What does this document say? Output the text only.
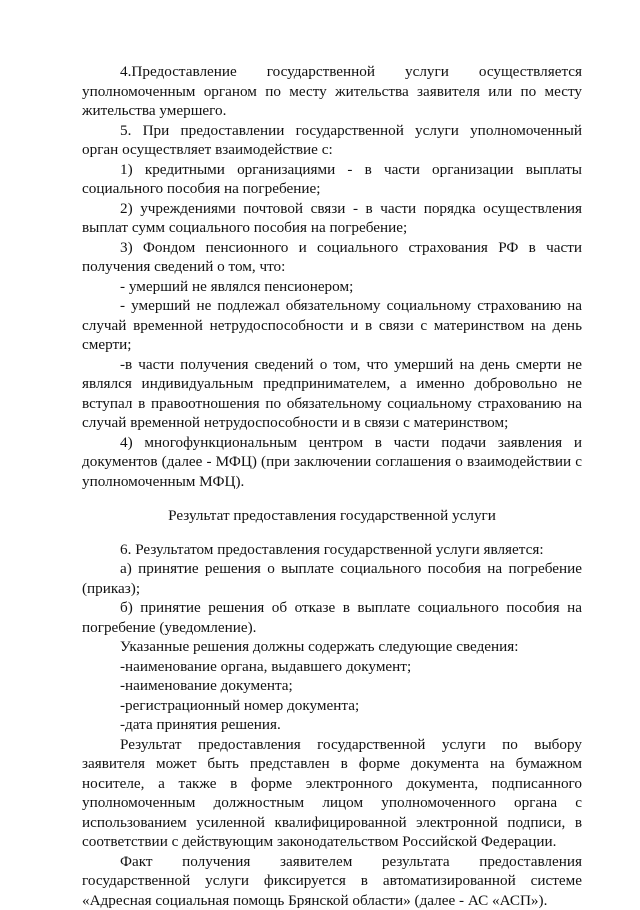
4.Предоставление государственной услуги осуществляется уполномоченным органом по месту жительства заявителя или по месту жительства умершего.

5. При предоставлении государственной услуги уполномоченный орган осуществляет взаимодействие с:

1) кредитными организациями - в части организации выплаты социального пособия на погребение;

2) учреждениями почтовой связи - в части порядка осуществления выплат сумм социального пособия на погребение;

3) Фондом пенсионного и социального страхования РФ в части получения сведений о том, что:

- умерший не являлся пенсионером;

- умерший не подлежал обязательному социальному страхованию на случай временной нетрудоспособности и в связи с материнством на день смерти;

-в части получения сведений о том, что умерший на день смерти не являлся индивидуальным предпринимателем, а именно добровольно не вступал в правоотношения по обязательному социальному страхованию на случай временной нетрудоспособности и в связи с материнством;

4) многофункциональным центром в части подачи заявления и документов (далее - МФЦ) (при заключении соглашения о взаимодействии с уполномоченным МФЦ).

Результат предоставления государственной услуги

6. Результатом предоставления государственной услуги является:

а) принятие решения о выплате социального пособия на погребение (приказ);

б) принятие решения об отказе в выплате социального пособия на погребение (уведомление).

Указанные решения должны содержать следующие сведения:

-наименование органа, выдавшего документ;

-наименование документа;

-регистрационный номер документа;

-дата принятия решения.

Результат предоставления государственной услуги по выбору заявителя может быть представлен в форме документа на бумажном носителе, а также в форме электронного документа, подписанного уполномоченным должностным лицом уполномоченного органа с использованием усиленной квалифицированной электронной подписи, в соответствии с действующим законодательством Российской Федерации.

Факт получения заявителем результата предоставления государственной услуги фиксируется в автоматизированной системе «Адресная социальная помощь Брянской области» (далее - АС «АСП»).
